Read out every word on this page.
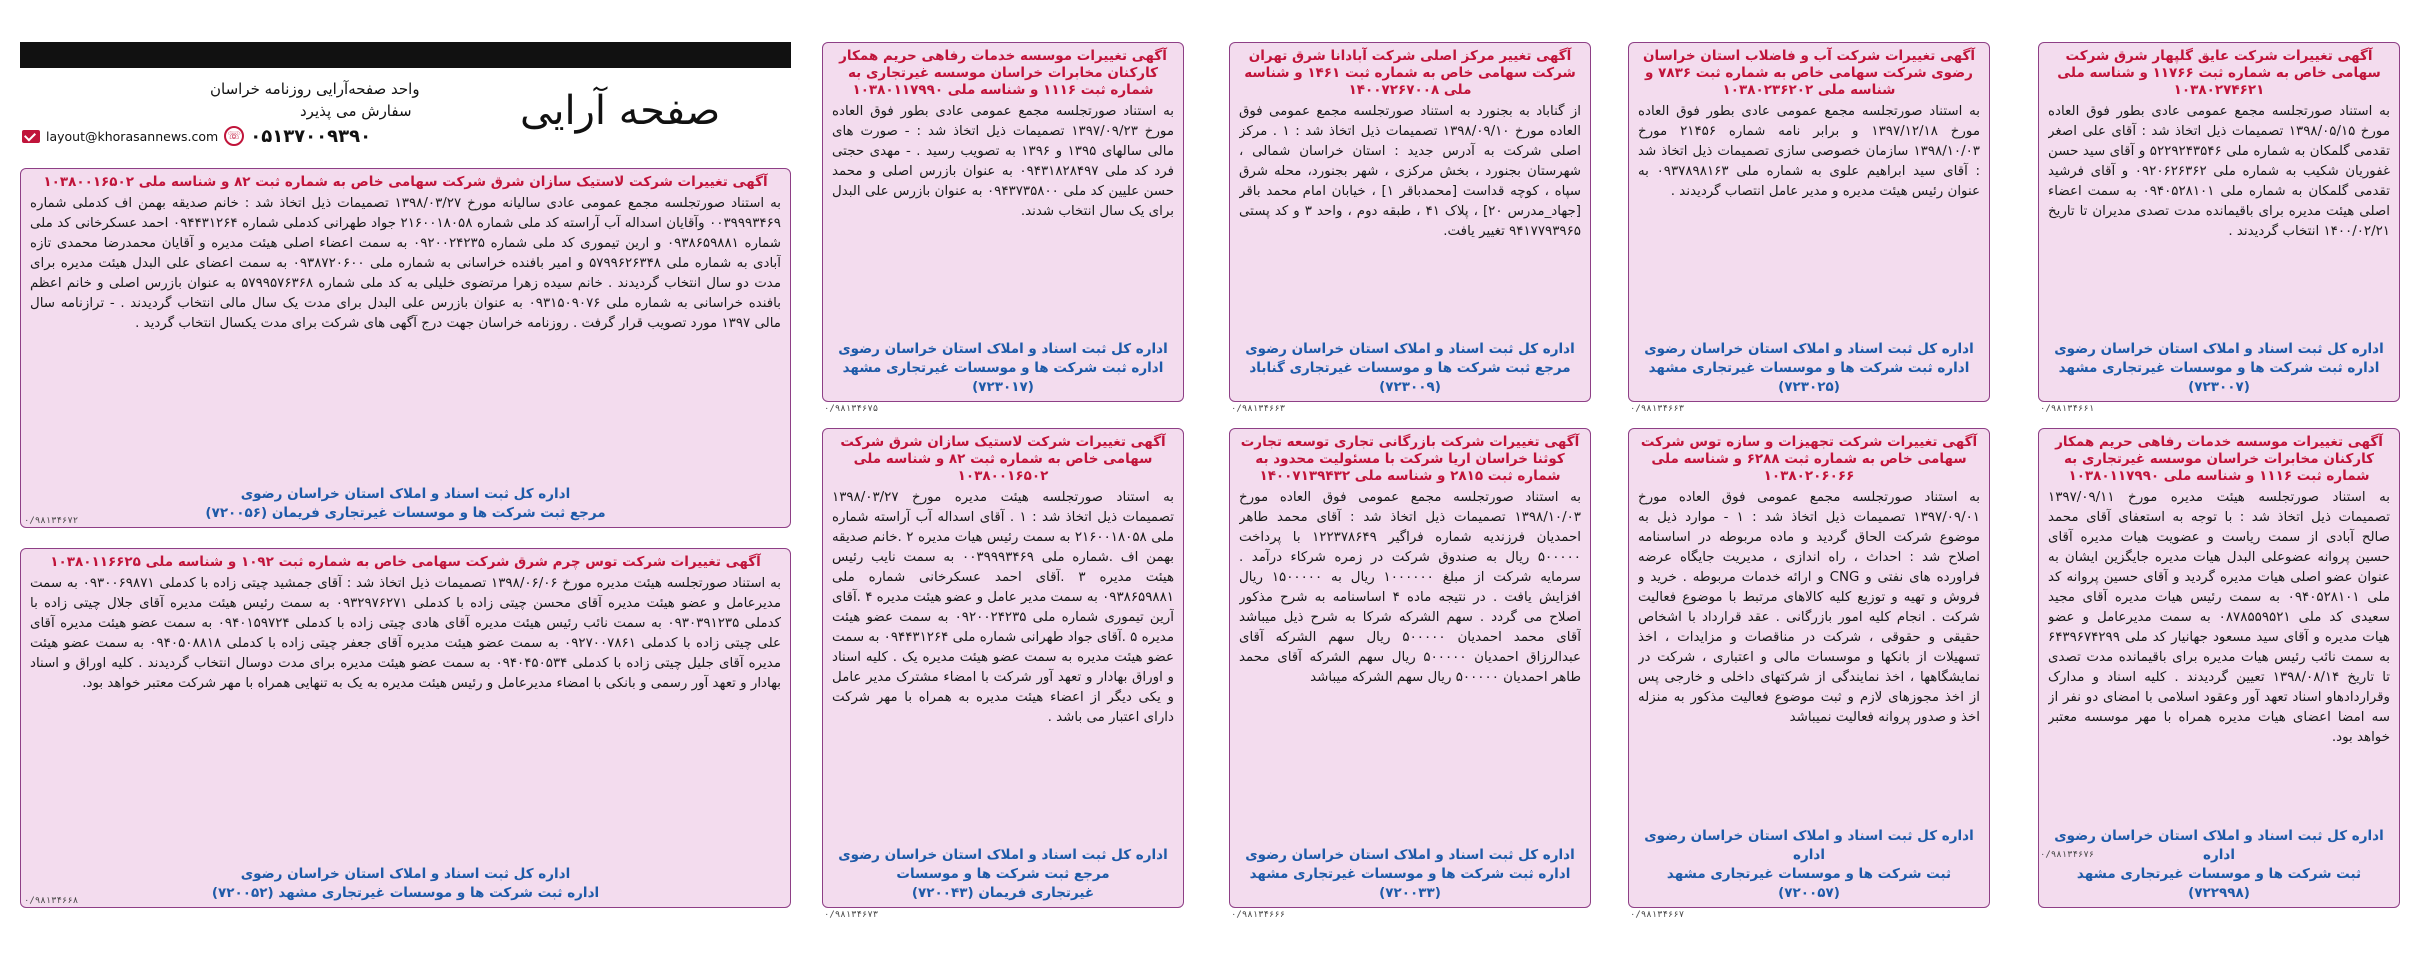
صفحه آرایی
واحد صفحه‌آرایی روزنامه خراسان
سفارش می پذیرد
layout@khorasannews.com ☏ ۰۵۱۳۷۰۰۹۳۹۰
آگهی تغییرات شرکت عایق گلپهار شرق شرکت سهامی خاص به شماره ثبت ۱۱۷۶۶ و شناسه ملی ۱۰۳۸۰۲۷۴۶۲۱
به استناد صورتجلسه مجمع عمومی عادی بطور فوق العاده مورخ ۱۳۹۸/۰۵/۱۵ تصمیمات ذیل اتخاذ شد : آقای علی اصغر تقدمی گلمکان به شماره ملی ۵۲۲۹۲۴۳۵۴۶ و آقای سید حسن غفوریان شکیب به شماره ملی ۰۹۲۰۶۲۶۳۶۲ و آقای فرشید تقدمی گلمکان به شماره ملی ۰۹۴۰۵۲۸۱۰۱ به سمت اعضاء اصلی هیئت مدیره برای باقیمانده مدت تصدی مدیران تا تاریخ ۱۴۰۰/۰۲/۲۱ انتخاب گردیدند .
اداره کل ثبت اسناد و املاک استان خراسان رضوی
اداره ثبت شرکت ها و موسسات غیرتجاری مشهد (۷۲۳۰۰۷)
۰/۹۸۱۳۴۶۶۱
آگهی تغییرات شرکت آب و فاضلاب استان خراسان رضوی شرکت سهامی خاص به شماره ثبت ۷۸۳۶ و شناسه ملی ۱۰۳۸۰۲۳۶۲۰۲
به استناد صورتجلسه مجمع عمومی عادی بطور فوق العاده مورخ ۱۳۹۷/۱۲/۱۸ و برابر نامه شماره ۲۱۴۵۶ مورخ ۱۳۹۸/۱۰/۰۳ سازمان خصوصی سازی تصمیمات ذیل اتخاذ شد : آقای سید ابراهیم علوی به شماره ملی ۰۹۳۷۸۹۸۱۶۳ به عنوان رئیس هیئت مدیره و مدیر عامل انتصاب گردیدند .
اداره کل ثبت اسناد و املاک استان خراسان رضوی
اداره ثبت شرکت ها و موسسات غیرتجاری مشهد (۷۲۳۰۲۵)
۰/۹۸۱۳۴۶۶۳
آگهی تغییر مرکز اصلی شرکت آبادانا شرق تهران شرکت سهامی خاص به شماره ثبت ۱۴۶۱ و شناسه ملی ۱۴۰۰۷۲۶۷۰۰۸
از گناباد به بجنورد به استناد صورتجلسه مجمع عمومی فوق العاده مورخ ۱۳۹۸/۰۹/۱۰ تصمیمات ذیل اتخاذ شد : ۱ . مرکز اصلی شرکت به آدرس جدید : استان خراسان شمالی ، شهرستان بجنورد ، بخش مرکزی ، شهر بجنورد، محله شرق سپاه ، کوچه قداست [محمدباقر ۱] ، خیابان امام محمد باقر [جهاد_مدرس ۲۰] ، پلاک ۴۱ ، طبقه دوم ، واحد ۳ و کد پستی ۹۴۱۷۷۹۳۹۶۵ تغییر یافت.
اداره کل ثبت اسناد و املاک استان خراسان رضوی
مرجع ثبت شرکت ها و موسسات غیرتجاری گناباد (۷۲۳۰۰۹)
۰/۹۸۱۳۴۶۶۳
آگهی تغییرات موسسه خدمات رفاهی حریم همکار کارکنان مخابرات خراسان موسسه غیرتجاری به شماره ثبت ۱۱۱۶ و شناسه ملی ۱۰۳۸۰۱۱۷۹۹۰
به استناد صورتجلسه مجمع عمومی عادی بطور فوق العاده مورخ ۱۳۹۷/۰۹/۲۳ تصمیمات ذیل اتخاذ شد : - صورت های مالی سالهای ۱۳۹۵ و ۱۳۹۶ به تصویب رسید . - مهدی حجتی فرد کد ملی ۰۹۴۳۱۸۲۸۴۹۷ به عنوان بازرس اصلی و محمد حسن علیین کد ملی ۰۹۴۳۷۳۵۸۰۰ به عنوان بازرس علی البدل برای یک سال انتخاب شدند.
اداره کل ثبت اسناد و املاک استان خراسان رضوی
اداره ثبت شرکت ها و موسسات غیرتجاری مشهد (۷۲۳۰۱۷)
۰/۹۸۱۳۴۶۷۵
آگهی تغییرات شرکت لاستیک سازان شرق شرکت سهامی خاص به شماره ثبت ۸۲ و شناسه ملی ۱۰۳۸۰۰۱۶۵۰۲
به استناد صورتجلسه مجمع عمومی عادی سالیانه مورخ ۱۳۹۸/۰۳/۲۷ تصمیمات ذیل اتخاذ شد : خانم صدیقه بهمن اف کدملی شماره ۰۰۳۹۹۹۳۴۶۹ وآقایان اسداله آب آراسته کد ملی شماره ۲۱۶۰۰۱۸۰۵۸ جواد طهرانی کدملی شماره ۰۹۴۴۳۱۲۶۴ احمد عسکرخانی کد ملی شماره ۰۹۳۸۶۵۹۸۸۱ و ارین تیموری کد ملی شماره ۰۹۲۰۰۲۴۲۳۵ به سمت اعضاء اصلی هیئت مدیره و آقایان محمدرضا محمدی تازه آبادی به شماره ملی ۵۷۹۹۶۲۶۳۴۸ و امیر بافنده خراسانی به شماره ملی ۰۹۳۸۷۲۰۶۰۰ به سمت اعضای علی البدل هیئت مدیره برای مدت دو سال انتخاب گردیدند . خانم سیده زهرا مرتضوی خلیلی به کد ملی شماره ۵۷۹۹۵۷۶۳۶۸ به عنوان بازرس اصلی و خانم اعظم بافنده خراسانی به شماره ملی ۰۹۳۱۵۰۹۰۷۶ به عنوان بازرس علی البدل برای مدت یک سال مالی انتخاب گردیدند . - ترازنامه سال مالی ۱۳۹۷ مورد تصویب قرار گرفت . روزنامه خراسان جهت درج آگهی های شرکت برای مدت یکسال انتخاب گردید .
اداره کل ثبت اسناد و املاک استان خراسان رضوی
مرجع ثبت شرکت ها و موسسات غیرتجاری فریمان (۷۲۰۰۵۶)
۰/۹۸۱۳۴۶۷۲
آگهی تغییرات موسسه خدمات رفاهی حریم همکار کارکنان مخابرات خراسان موسسه غیرتجاری به شماره ثبت ۱۱۱۶ و شناسه ملی ۱۰۳۸۰۱۱۷۹۹۰
به استناد صورتجلسه هیئت مدیره مورخ ۱۳۹۷/۰۹/۱۱ تصمیمات ذیل اتخاذ شد : با توجه به استعفای آقای محمد صالح آبادی از سمت ریاست و عضویت هیات مدیره آقای حسین پروانه عضوعلی البدل هیات مدیره جایگزین ایشان به عنوان عضو اصلی هیات مدیره گردید و آقای حسین پروانه کد ملی ۰۹۴۰۵۲۸۱۰۱ به سمت رئیس هیات مدیره آقای مجید سعیدی کد ملی ۰۸۷۸۵۵۹۵۲۱ به سمت مدیرعامل و عضو هیات مدیره و آقای سید مسعود جهانیار کد ملی ۶۴۳۹۶۷۴۲۹۹ به سمت نائب رئیس هیات مدیره برای باقیمانده مدت تصدی تا تاریخ ۱۳۹۸/۰۸/۱۴ تعیین گردیدند . کلیه اسناد و مدارک وقراردادهاو اسناد تعهد آور وعقود اسلامی با امضای دو نفر از سه امضا اعضای هیات مدیره همراه با مهر موسسه معتبر خواهد بود.
اداره کل ثبت اسناد و املاک استان خراسان رضوی اداره
ثبت شرکت ها و موسسات غیرتجاری مشهد (۷۲۲۹۹۸)
۰/۹۸۱۳۴۶۷۶
آگهی تغییرات شرکت تجهیزات و سازه توس شرکت سهامی خاص به شماره ثبت ۶۲۸۸ و شناسه ملی ۱۰۳۸۰۲۰۶۰۶۶
به استناد صورتجلسه مجمع عمومی فوق العاده مورخ ۱۳۹۷/۰۹/۰۱ تصمیمات ذیل اتخاذ شد : ۱ - موارد ذیل به موضوع شرکت الحاق گردید و ماده مربوطه در اساسنامه اصلاح شد : احداث ، راه اندازی ، مدیریت جایگاه عرضه فراورده های نفتی و CNG و ارائه خدمات مربوطه . خرید و فروش و تهیه و توزیع کلیه کالاهای مرتبط با موضوع فعالیت شرکت . انجام کلیه امور بازرگانی . عقد قرارداد با اشخاص حقیقی و حقوقی ، شرکت در مناقصات و مزایدات ، اخذ تسهیلات از بانکها و موسسات مالی و اعتباری ، شرکت در نمایشگاهها ، اخذ نمایندگی از شرکتهای داخلی و خارجی پس از اخذ مجوزهای لازم و ثبت موضوع فعالیت مذکور به منزله اخذ و صدور پروانه فعالیت نمیباشد
اداره کل ثبت اسناد و املاک استان خراسان رضوی اداره
ثبت شرکت ها و موسسات غیرتجاری مشهد (۷۲۰۰۵۷)
۰/۹۸۱۳۴۶۶۷
آگهی تغییرات شرکت بازرگانی تجاری توسعه تجارت کوثنا خراسان اریا شرکت با مسئولیت محدود به شماره ثبت ۲۸۱۵ و شناسه ملی ۱۴۰۰۷۱۳۹۴۳۲
به استناد صورتجلسه مجمع عمومی فوق العاده مورخ ۱۳۹۸/۱۰/۰۳ تصمیمات ذیل اتخاذ شد : آقای محمد طاهر احمدیان فرزندیه شماره فراگیر ۱۲۲۳۷۸۶۴۹ با پرداخت ۵۰۰۰۰۰ ریال به صندوق شرکت در زمره شرکاء درآمد . سرمایه شرکت از مبلغ ۱۰۰۰۰۰۰ ریال به ۱۵۰۰۰۰۰ ریال افزایش یافت . در نتیجه ماده ۴ اساسنامه به شرح مذکور اصلاح می گردد . سهم الشرکه شرکا به شرح ذیل میباشد آقای محمد احمدیان ۵۰۰۰۰۰ ریال سهم الشرکه آقای عبدالرزاق احمدیان ۵۰۰۰۰۰ ریال سهم الشرکه آقای محمد طاهر احمدیان ۵۰۰۰۰۰ ریال سهم الشرکه میباشد
اداره کل ثبت اسناد و املاک استان خراسان رضوی
اداره ثبت شرکت ها و موسسات غیرتجاری مشهد (۷۲۰۰۳۳)
۰/۹۸۱۳۴۶۶۶
آگهی تغییرات شرکت لاستیک سازان شرق شرکت سهامی خاص به شماره ثبت ۸۲ و شناسه ملی ۱۰۳۸۰۰۱۶۵۰۲
به استناد صورتجلسه هیئت مدیره مورخ ۱۳۹۸/۰۳/۲۷ تصمیمات ذیل اتخاذ شد : ۱ . آقای اسداله آب آراسته شماره ملی ۲۱۶۰۰۱۸۰۵۸ به سمت رئیس هیات مدیره ۲ .خانم صدیقه بهمن اف .شماره ملی ۰۰۳۹۹۹۳۴۶۹ به سمت نایب رئیس هیئت مدیره ۳ .آقای احمد عسکرخانی شماره ملی ۰۹۳۸۶۵۹۸۸۱ به سمت مدیر عامل و عضو هیئت مدیره ۴ .آقای آرین تیموری شماره ملی ۰۹۲۰۰۲۴۲۳۵ به سمت عضو هیئت مدیره ۵ .آقای جواد طهرانی شماره ملی ۰۹۴۴۳۱۲۶۴ به سمت عضو هیئت مدیره به سمت عضو هیئت مدیره یک . کلیه اسناد و اوراق بهادار و تعهد آور شرکت با امضاء مشترک مدیر عامل و یکی دیگر از اعضاء هیئت مدیره به همراه با مهر شرکت دارای اعتبار می باشد .
اداره کل ثبت اسناد و املاک استان خراسان رضوی مرجع ثبت شرکت ها و موسسات
غیرتجاری فریمان (۷۲۰۰۴۳)
۰/۹۸۱۳۴۶۷۳
آگهی تغییرات شرکت توس چرم شرق شرکت سهامی خاص به شماره ثبت ۱۰۹۲ و شناسه ملی ۱۰۳۸۰۱۱۶۶۲۵
به استناد صورتجلسه هیئت مدیره مورخ ۱۳۹۸/۰۶/۰۶ تصمیمات ذیل اتخاذ شد : آقای جمشید چیتی زاده با کدملی ۰۹۳۰۰۶۹۸۷۱ به سمت مدیرعامل و عضو هیئت مدیره آقای محسن چیتی زاده با کدملی ۰۹۳۲۹۷۶۲۷۱ به سمت رئیس هیئت مدیره آقای جلال چیتی زاده با کدملی ۰۹۳۰۳۹۱۲۳۵ به سمت نائب رئیس هیئت مدیره آقای هادی چیتی زاده با کدملی ۰۹۴۰۱۵۹۷۲۴ به سمت عضو هیئت مدیره آقای علی چیتی زاده با کدملی ۰۹۲۷۰۰۷۸۶۱ به سمت عضو هیئت مدیره آقای جعفر چیتی زاده با کدملی ۰۹۴۰۵۰۸۸۱۸ به سمت عضو هیئت مدیره آقای جلیل چیتی زاده با کدملی ۰۹۴۰۴۵۰۵۳۴ به سمت عضو هیئت مدیره برای مدت دوسال انتخاب گردیدند . کلیه اوراق و اسناد بهادار و تعهد آور رسمی و بانکی با امضاء مدیرعامل و رئیس هیئت مدیره به یک به تنهایی همراه با مهر شرکت معتبر خواهد بود.
اداره کل ثبت اسناد و املاک استان خراسان رضوی
اداره ثبت شرکت ها و موسسات غیرتجاری مشهد (۷۲۰۰۵۲)
۰/۹۸۱۳۴۶۶۸
